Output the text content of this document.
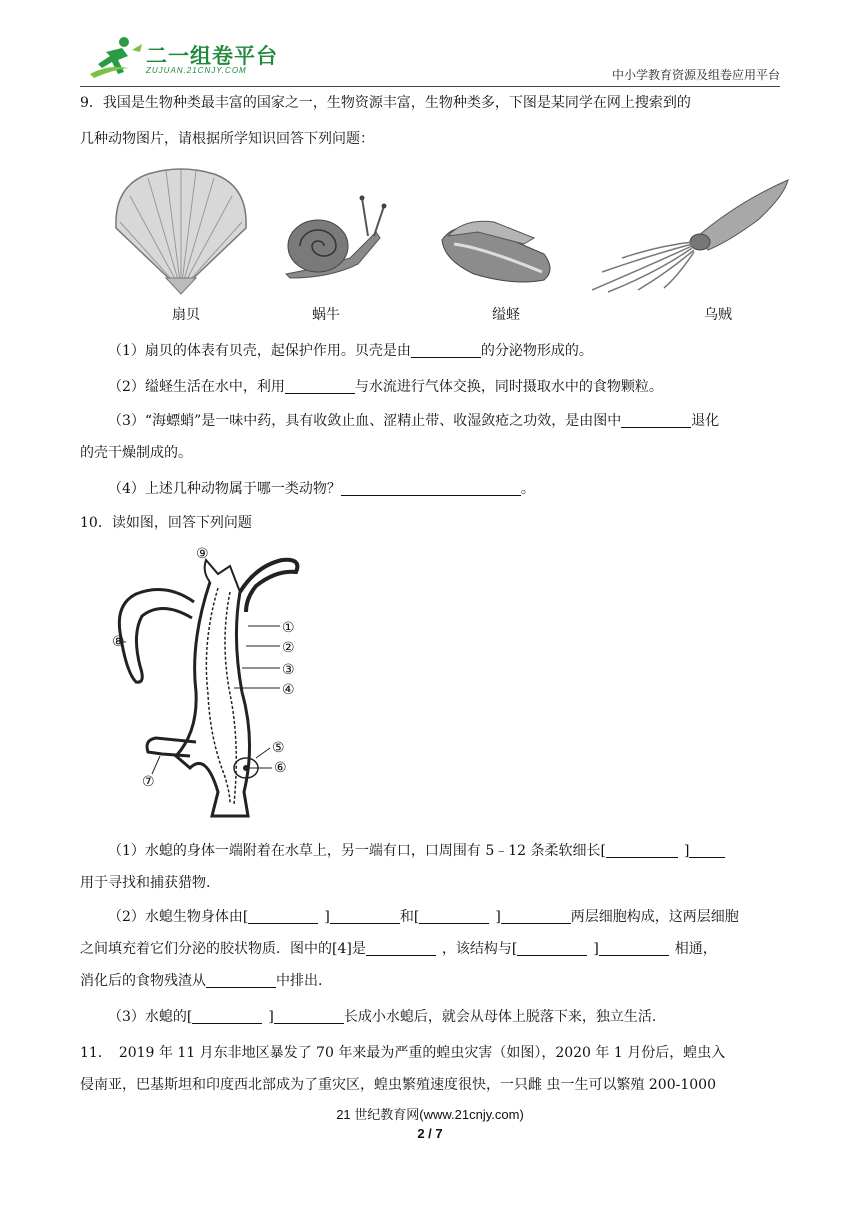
二一组卷平台
ZUJUAN.21CNJY.COM	中小学教育资源及组卷应用平台
9．我国是生物种类最丰富的国家之一，生物资源丰富，生物种类多，下图是某同学在网上搜索到的
几种动物图片，请根据所学知识回答下列问题：
扇贝	蜗牛	缢蛏	乌贼
（1）扇贝的体表有贝壳，起保护作用。贝壳是由	的分泌物形成的。
（2）缢蛏生活在水中，利用	与水流进行气体交换，同时摄取水中的食物颗粒。
（3）“海螵蛸”是一味中药，具有收敛止血、涩精止带、收湿敛疮之功效，是由图中	退化
的壳干燥制成的。
（4）上述几种动物属于哪一类动物？	。
10．读如图，回答下列问题
⑨
①
②
③
④
⑤
⑥
⑦
⑧
（1）水螅的身体一端附着在水草上，另一端有口，口周围有 5﹣12 条柔软细长[	]
用于寻找和捕获猎物.
（2）水螅生物身体由[	]	和[	]	两层细胞构成，这两层细胞
之间填充着它们分泌的胶状物质．图中的[4]是	，该结构与[	]	相通，
消化后的食物残渣从	中排出.
（3）水螅的[	]	长成小水螅后，就会从母体上脱落下来，独立生活.
11．　2019 年 11 月东非地区暴发了 70 年来最为严重的蝗虫灾害（如图），2020 年 1 月份后，蝗虫入
侵南亚，巴基斯坦和印度西北部成为了重灾区，蝗虫繁殖速度很快，一只雌 虫一生可以繁殖 200-1000
21 世纪教育网(www.21cnjy.com)
2 / 7
